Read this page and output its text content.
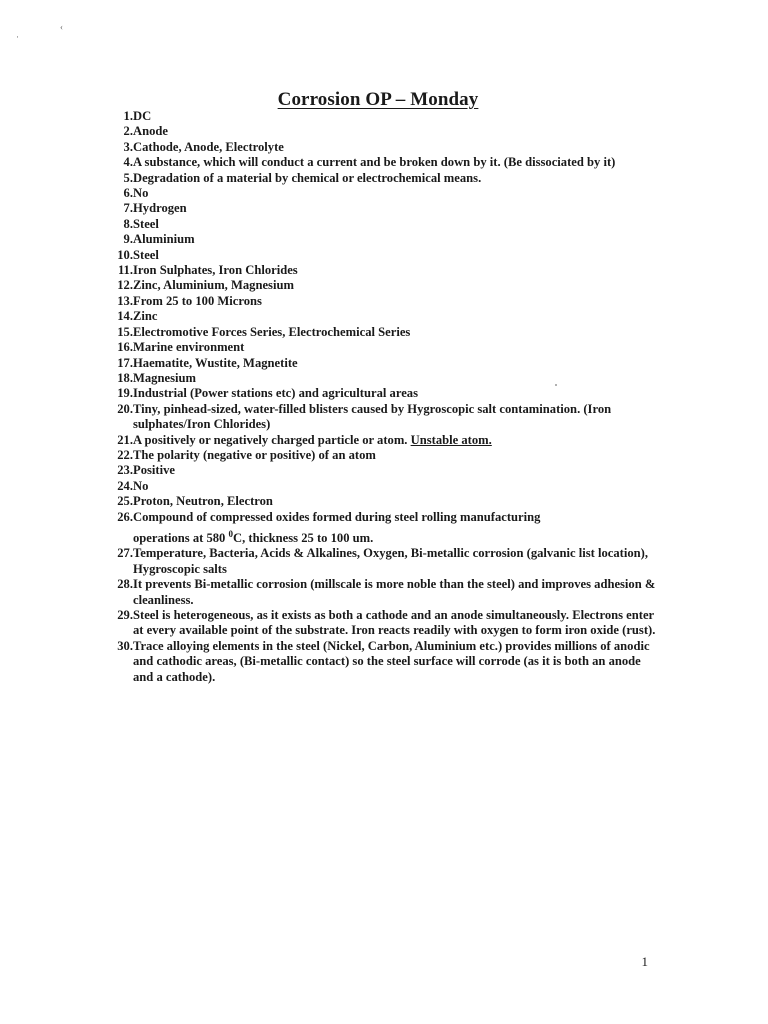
‹
·
Corrosion OP – Monday
1. DC
2. Anode
3. Cathode, Anode, Electrolyte
4. A substance, which will conduct a current and be broken down by it. (Be dissociated by it)
5. Degradation of a material by chemical or electrochemical means.
6. No
7. Hydrogen
8. Steel
9. Aluminium
10. Steel
11. Iron Sulphates, Iron Chlorides
12. Zinc, Aluminium, Magnesium
13. From 25 to 100 Microns
14. Zinc
15. Electromotive Forces Series, Electrochemical Series
16. Marine environment
17. Haematite, Wustite, Magnetite
18. Magnesium
19. Industrial (Power stations etc) and agricultural areas
20. Tiny, pinhead-sized, water-filled blisters caused by Hygroscopic salt contamination. (Iron sulphates/Iron Chlorides)
21. A positively or negatively charged particle or atom. Unstable atom.
22. The polarity (negative or positive) of an atom
23. Positive
24. No
25. Proton, Neutron, Electron
26. Compound of compressed oxides formed during steel rolling manufacturing
operations at 580 $^0$C, thickness 25 to 100 um.
27. Temperature, Bacteria, Acids & Alkalines, Oxygen, Bi-metallic corrosion (galvanic list location), Hygroscopic salts
28. It prevents Bi-metallic corrosion (millscale is more noble than the steel) and improves adhesion & cleanliness.
29. Steel is heterogeneous, as it exists as both a cathode and an anode simultaneously. Electrons enter at every available point of the substrate. Iron reacts readily with oxygen to form iron oxide (rust).
30. Trace alloying elements in the steel (Nickel, Carbon, Aluminium etc.) provides millions of anodic and cathodic areas, (Bi-metallic contact) so the steel surface will corrode (as it is both an anode and a cathode).
1
